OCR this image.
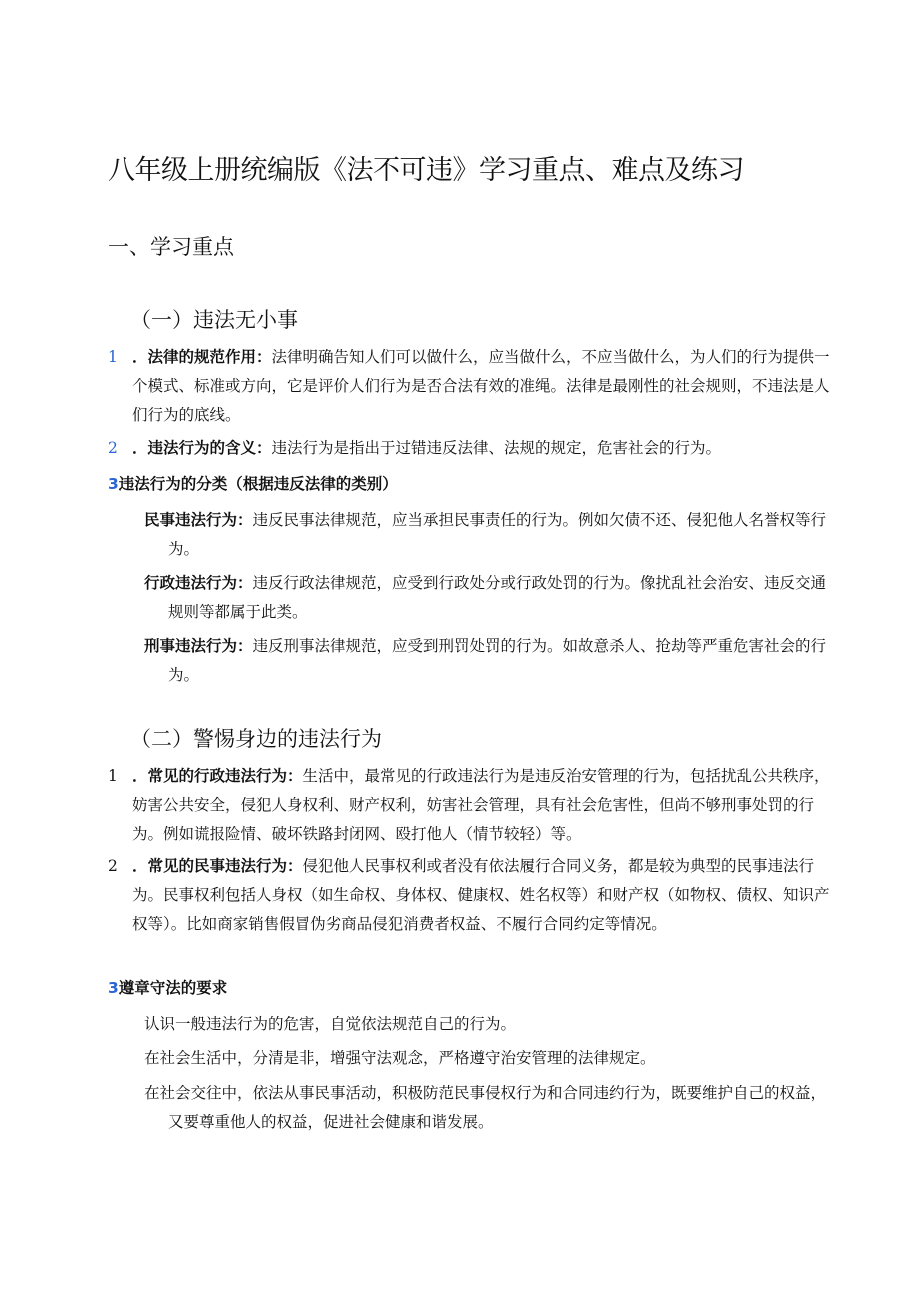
八年级上册统编版《法不可违》学习重点、难点及练习
一、学习重点
（一）违法无小事

1 ．法律的规范作用：法律明确告知人们可以做什么，应当做什么，不应当做什么，为人们的行为提供一个模式、标准或方向，它是评价人们行为是否合法有效的准绳。法律是最刚性的社会规则，不违法是人们行为的底线。

2 ．违法行为的含义：违法行为是指出于过错违反法律、法规的规定，危害社会的行为。

3违法行为的分类（根据违反法律的类别）

民事违法行为：违反民事法律规范，应当承担民事责任的行为。例如欠债不还、侵犯他人名誉权等行为。

行政违法行为：违反行政法律规范，应受到行政处分或行政处罚的行为。像扰乱社会治安、违反交通规则等都属于此类。

刑事违法行为：违反刑事法律规范，应受到刑罚处罚的行为。如故意杀人、抢劫等严重危害社会的行为。

（二）警惕身边的违法行为

1 ．常见的行政违法行为：生活中，最常见的行政违法行为是违反治安管理的行为，包括扰乱公共秩序，妨害公共安全，侵犯人身权利、财产权利，妨害社会管理，具有社会危害性，但尚不够刑事处罚的行为。例如谎报险情、破坏铁路封闭网、殴打他人（情节较轻）等。

2 ．常见的民事违法行为：侵犯他人民事权利或者没有依法履行合同义务，都是较为典型的民事违法行为。民事权利包括人身权（如生命权、身体权、健康权、姓名权等）和财产权（如物权、债权、知识产权等）。比如商家销售假冒伪劣商品侵犯消费者权益、不履行合同约定等情况。

3遵章守法的要求

认识一般违法行为的危害，自觉依法规范自己的行为。

在社会生活中，分清是非，增强守法观念，严格遵守治安管理的法律规定。

在社会交往中，依法从事民事活动，积极防范民事侵权行为和合同违约行为，既要维护自己的权益，又要尊重他人的权益，促进社会健康和谐发展。
